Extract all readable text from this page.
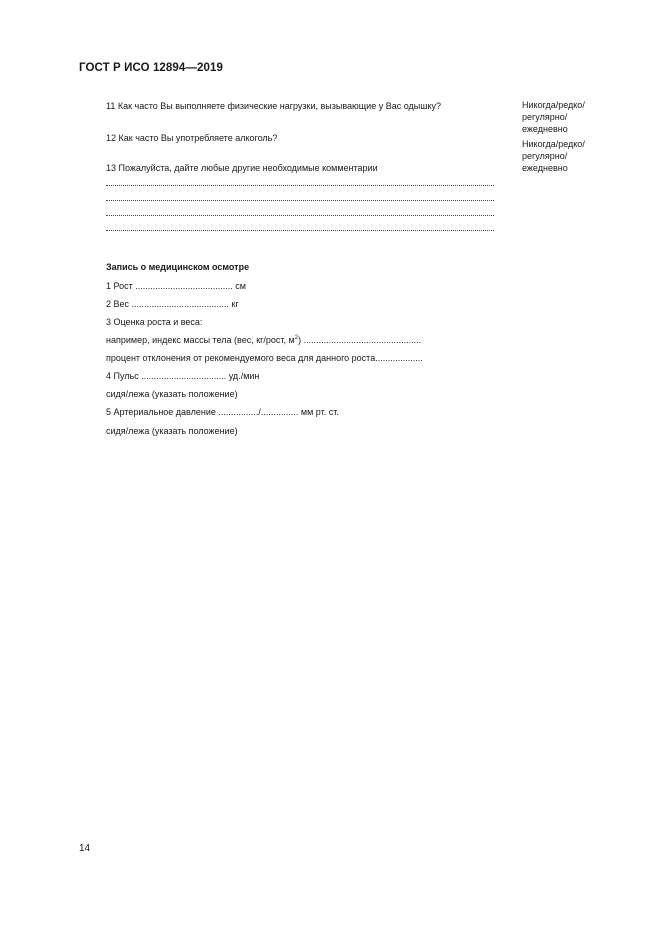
ГОСТ Р ИСО 12894—2019
11 Как часто Вы выполняете физические нагрузки, вызывающие у Вас одышку?	Никогда/редко/
регулярно/
ежедневно
12 Как часто Вы употребляете алкоголь?
Никогда/редко/
регулярно/
ежедневно
13 Пожалуйста, дайте любые другие необходимые комментарии
Запись о медицинском осмотре
1 Рост ....................................... см
2 Вес ....................................... кг
3 Оценка роста и веса:
например, индекс массы тела (вес, кг/рост, $м^2$) ...............................................
процент отклонения от рекомендуемого веса для данного роста...................
4 Пульс .................................. уд./мин
сидя/лежа (указать положение)
5 Артериальное давление ................/............... мм рт. ст.
сидя/лежа (указать положение)
14
